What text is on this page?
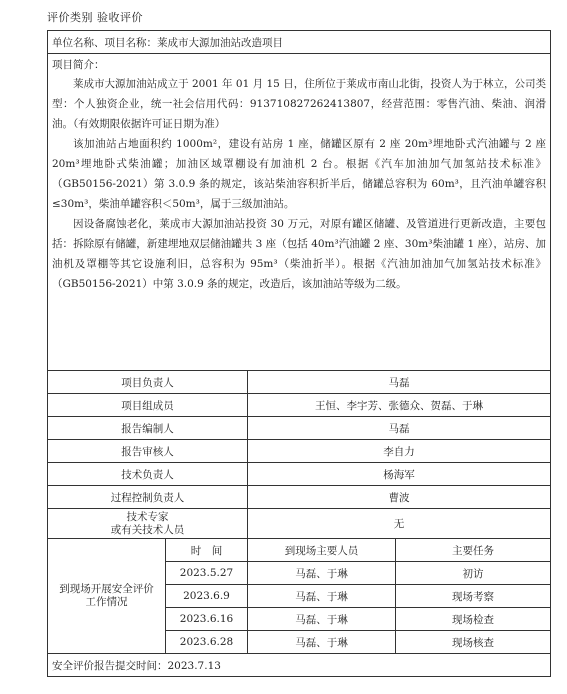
评价类别 验收评价
单位名称、项目名称：莱成市大源加油站改造项目			

项目简介：

莱成市大源加油站成立于 2001 年 01 月 15 日，住所位于莱成市南山北街，投资人为于林立，公司类型：个人独资企业，统一社会信用代码：913710827262413807，经营范围：零售汽油、柴油、润滑油。（有效期限依据许可证日期为准）

该加油站占地面积约 1000m²，建设有站房 1 座，储罐区原有 2 座 20m³埋地卧式汽油罐与 2 座 20m³埋地卧式柴油罐；加油区域罩棚设有加油机 2 台。根据《汽车加油加气加氢站技术标准》（GB50156-2021）第 3.0.9 条的规定，该站柴油容积折半后，储罐总容积为 60m³，且汽油单罐容积≤30m³，柴油单罐容积＜50m³，属于三级加油站。

因设备腐蚀老化，莱成市大源加油站投资 30 万元，对原有罐区储罐、及管道进行更新改造，主要包括：拆除原有储罐，新建埋地双层储油罐共 3 座（包括 40m³汽油罐 2 座、30m³柴油罐 1 座），站房、加油机及罩棚等其它设施利旧，总容积为 95m³（柴油折半）。根据《汽油加油加气加氢站技术标准》（GB50156-2021）中第 3.0.9 条的规定，改造后，该加油站等级为二级。			

项目负责人		马磊	
项目组成员		王恒、李宇芳、张德众、贺磊、于琳	
报告编制人		马磊	
报告审核人		李自力	
技术负责人		杨海军	
过程控制负责人		曹波	

技术专家
或有关技术人员		无	

到现场开展安全评价
工作情况	时　间	到现场主要人员	主要任务
	2023.5.27	马磊、于琳	初访
	2023.6.9	马磊、于琳	现场考察
	2023.6.16	马磊、于琳	现场检查
	2023.6.28	马磊、于琳	现场核查
安全评价报告提交时间：2023.7.13			
